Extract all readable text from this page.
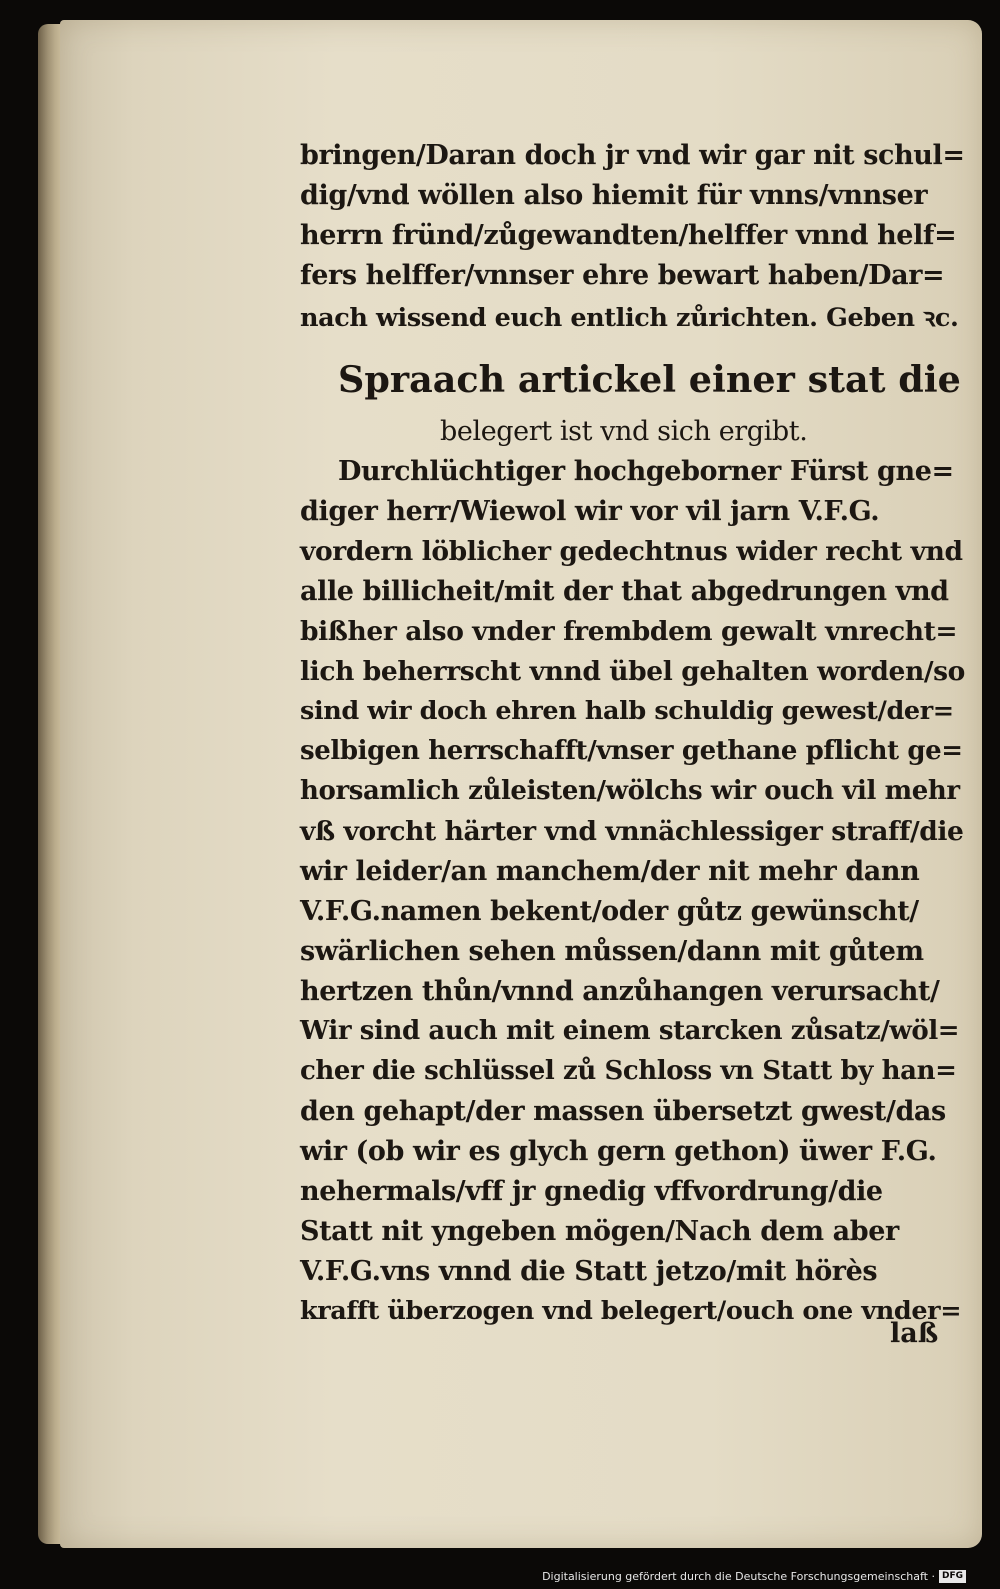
bringen/Daran doch jr vnd wir gar nit schul=
dig/vnd wöllen also hiemit für vnns/vnnser
herrn fründ/zůgewandten/helffer vnnd helf=
fers helffer/vnnser ehre bewart haben/Dar=
nach wissend euch entlich zůrichten. Geben ꝛc.
Spraach artickel einer stat die
belegert ist vnd sich ergibt.
Durchlüchtiger hochgeborner Fürst gne=
diger herr/Wiewol wir vor vil jarn V.F.G.
vordern löblicher gedechtnus wider recht vnd
alle billicheit/mit der that abgedrungen vnd
bißher also vnder frembdem gewalt vnrecht=
lich beherrscht vnnd übel gehalten worden/so
sind wir doch ehren halb schuldig gewest/der=
selbigen herrschafft/vnser gethane pflicht ge=
horsamlich zůleisten/wölchs wir ouch vil mehr
vß vorcht härter vnd vnnächlessiger straff/die
wir leider/an manchem/der nit mehr dann
V.F.G.namen bekent/oder gůtz gewünscht/
swärlichen sehen můssen/dann mit gůtem
hertzen thůn/vnnd anzůhangen verursacht/
Wir sind auch mit einem starcken zůsatz/wöl=
cher die schlüssel zů Schloss vn Statt by han=
den gehapt/der massen übersetzt gwest/das
wir (ob wir es glych gern gethon) üwer F.G.
nehermals/vff jr gnedig vffvordrung/die
Statt nit yngeben mögen/Nach dem aber
V.F.G.vns vnnd die Statt jetzo/mit hörès
krafft überzogen vnd belegert/ouch one vnder=
laß
Digitalisierung gefördert durch die Deutsche Forschungsgemeinschaft · DFG
